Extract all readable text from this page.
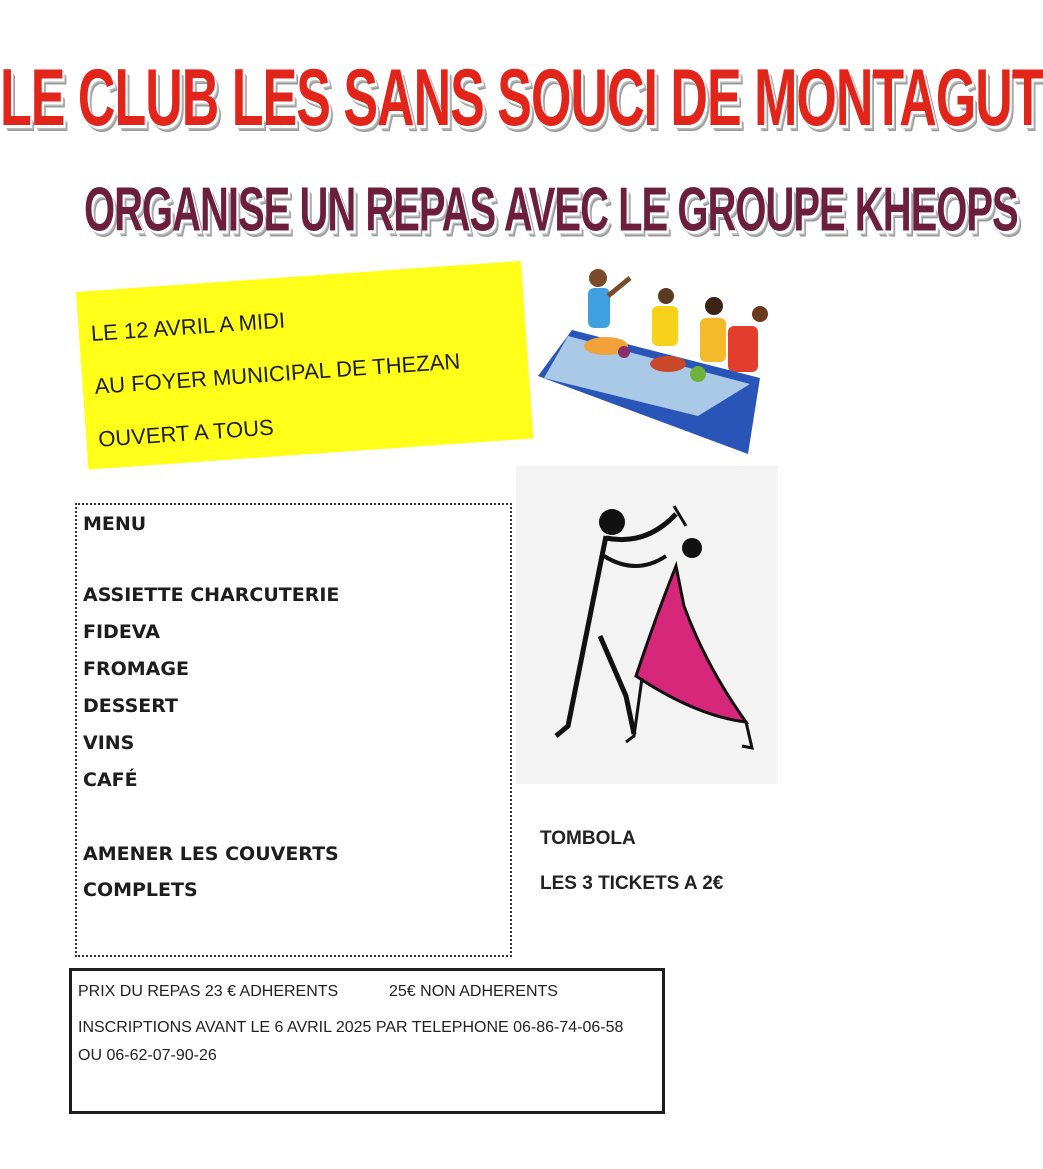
LE CLUB LES SANS SOUCI DE MONTAGUT
ORGANISE UN REPAS AVEC LE GROUPE KHEOPS
LE 12 AVRIL A MIDI
AU FOYER MUNICIPAL DE THEZAN
OUVERT A TOUS
MENU
ASSIETTE CHARCUTERIE
FIDEVA
FROMAGE
DESSERT
VINS
CAFÉ
AMENER LES COUVERTS
COMPLETS
TOMBOLA
LES 3 TICKETS A 2€
PRIX DU REPAS 23 € ADHERENTS	25€ NON ADHERENTS
INSCRIPTIONS AVANT LE 6 AVRIL 2025 PAR TELEPHONE 06-86-74-06-58
OU 06-62-07-90-26
